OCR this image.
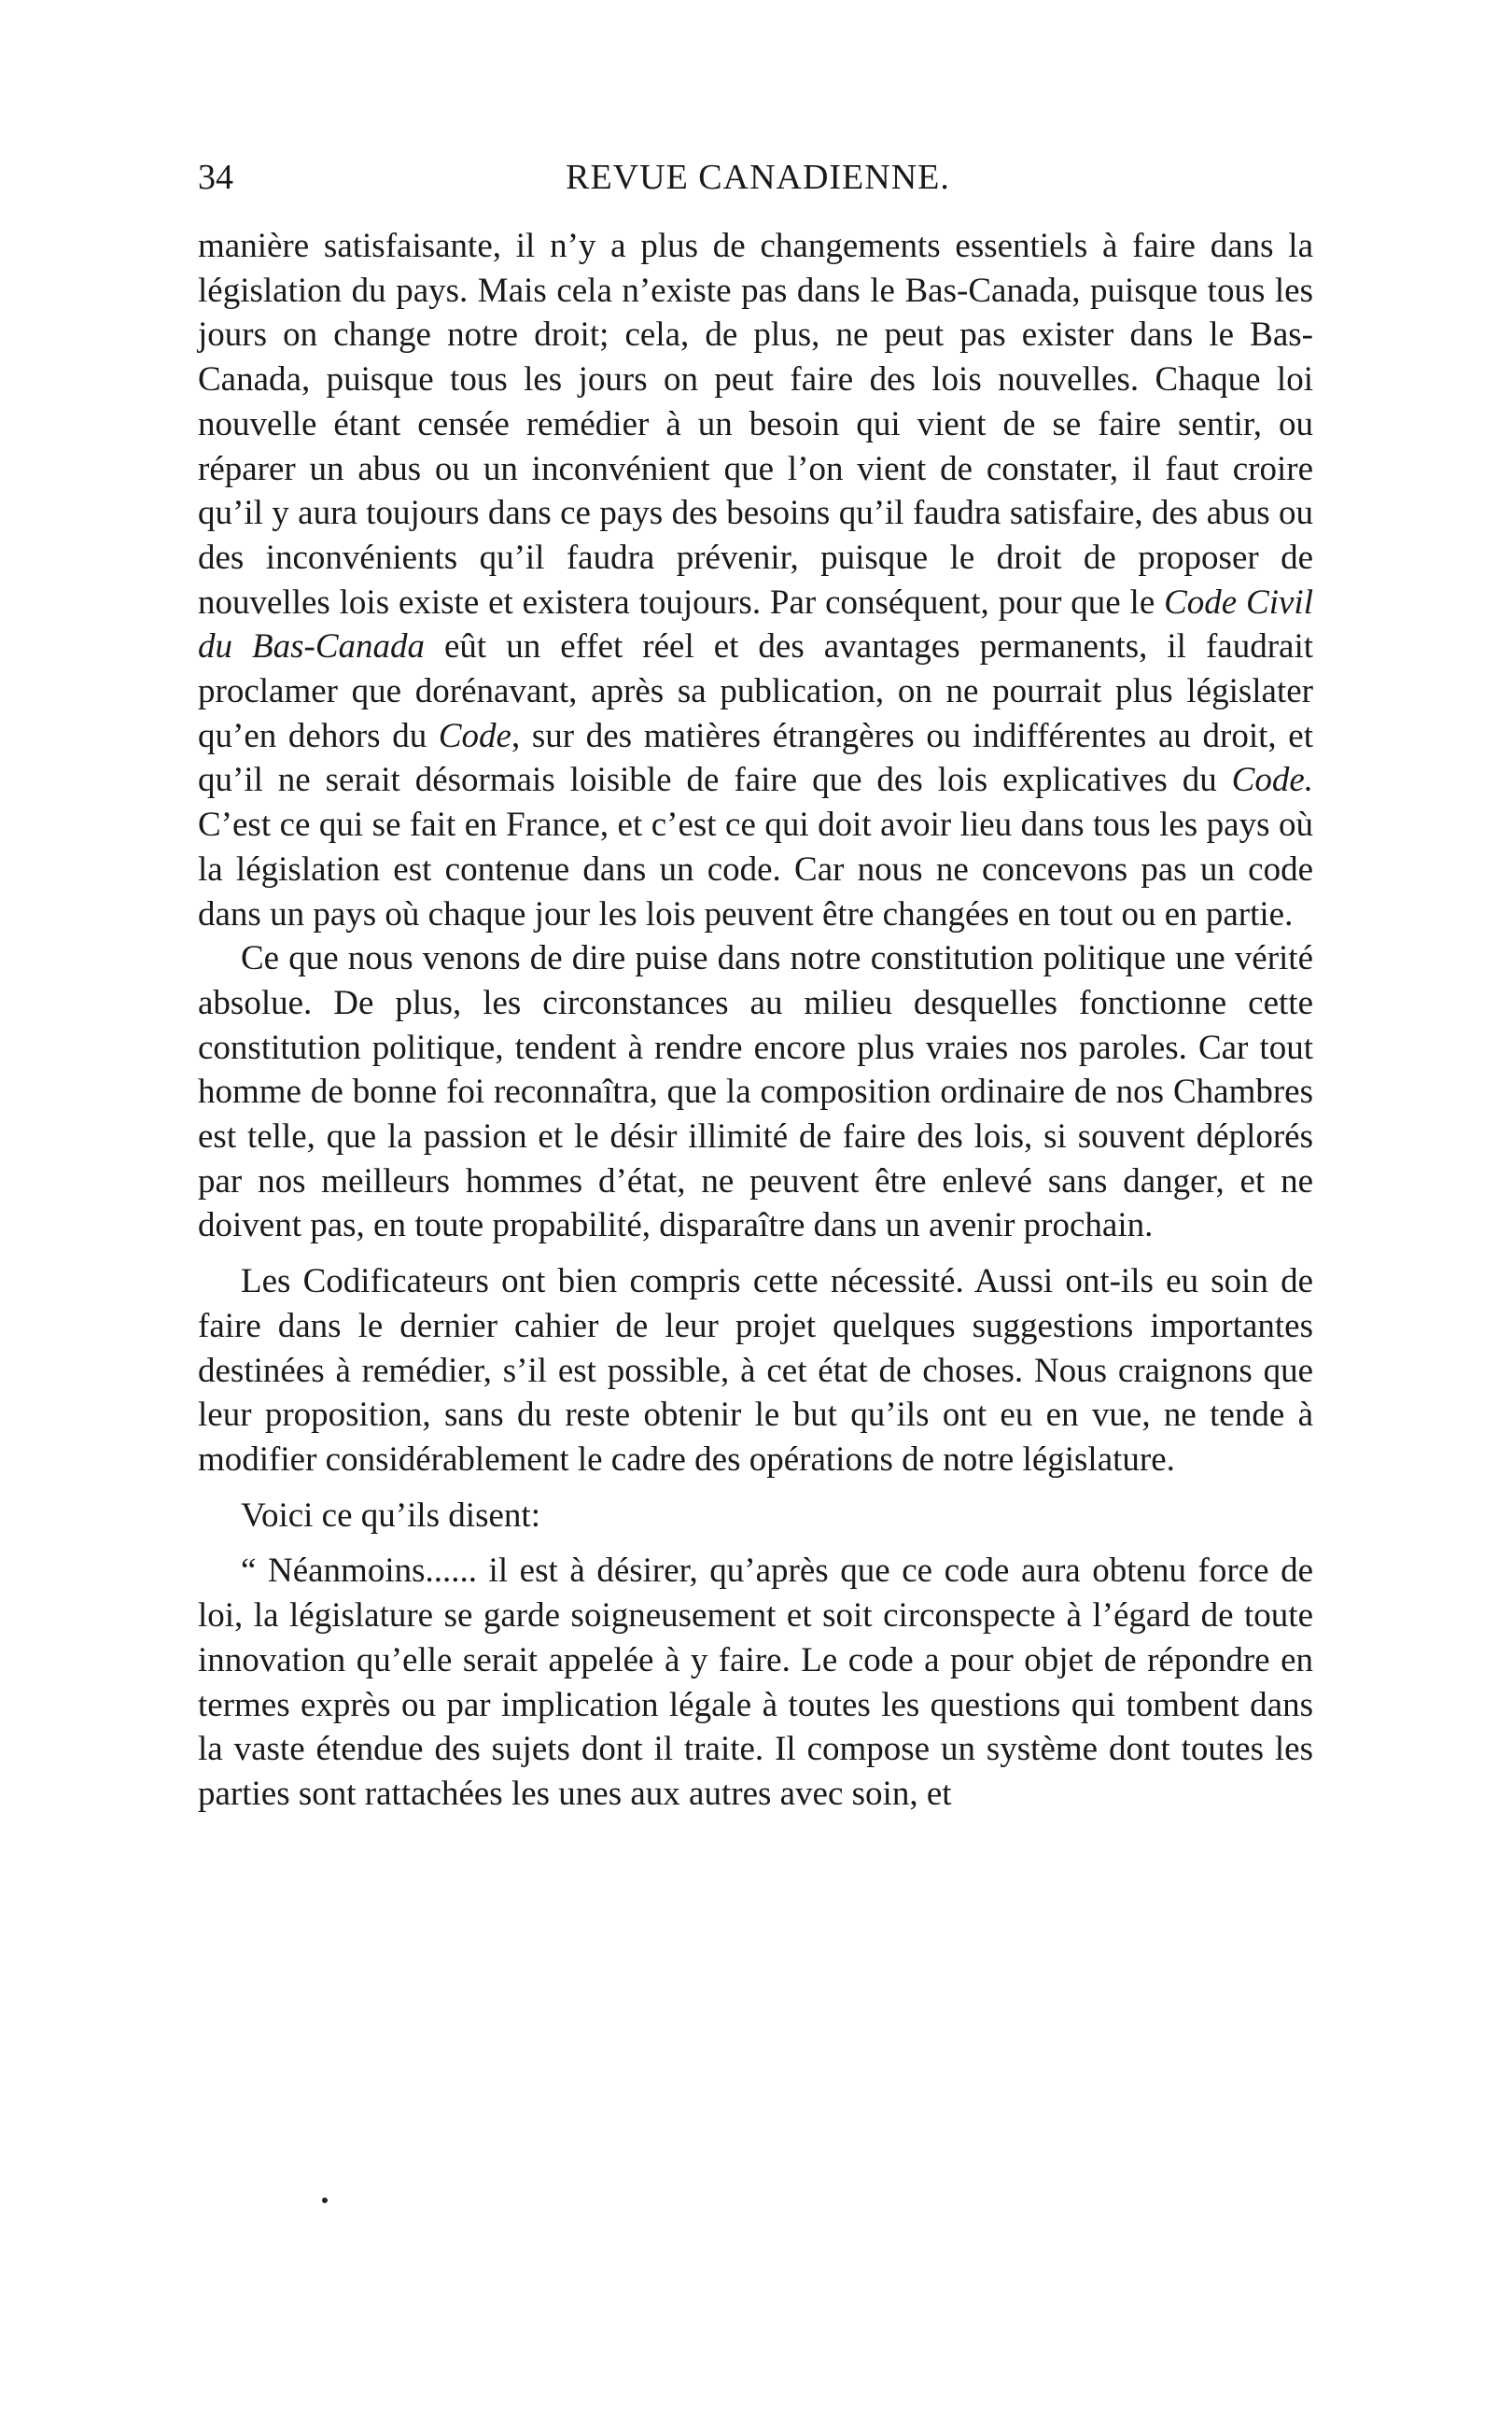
34	REVUE CANADIENNE.

manière satisfaisante, il n’y a plus de changements essentiels à faire dans la législation du pays. Mais cela n’existe pas dans le Bas-Canada, puisque tous les jours on change notre droit; cela, de plus, ne peut pas exister dans le Bas-Canada, puisque tous les jours on peut faire des lois nouvelles. Chaque loi nouvelle étant censée remédier à un besoin qui vient de se faire sentir, ou réparer un abus ou un inconvénient que l’on vient de constater, il faut croire qu’il y aura toujours dans ce pays des besoins qu’il faudra satisfaire, des abus ou des inconvénients qu’il faudra prévenir, puisque le droit de proposer de nouvelles lois existe et existera toujours. Par conséquent, pour que le Code Civil du Bas-Canada eût un effet réel et des avantages permanents, il faudrait proclamer que dorénavant, après sa publication, on ne pourrait plus législater qu’en dehors du Code, sur des matières étrangères ou indifférentes au droit, et qu’il ne serait désormais loisible de faire que des lois explicatives du Code. C’est ce qui se fait en France, et c’est ce qui doit avoir lieu dans tous les pays où la législation est contenue dans un code. Car nous ne concevons pas un code dans un pays où chaque jour les lois peuvent être changées en tout ou en partie.

Ce que nous venons de dire puise dans notre constitution politique une vérité absolue. De plus, les circonstances au milieu desquelles fonctionne cette constitution politique, tendent à rendre encore plus vraies nos paroles. Car tout homme de bonne foi reconnaîtra, que la composition ordinaire de nos Chambres est telle, que la passion et le désir illimité de faire des lois, si souvent déplorés par nos meilleurs hommes d’état, ne peuvent être enlevé sans danger, et ne doivent pas, en toute propabilité, disparaître dans un avenir prochain.

Les Codificateurs ont bien compris cette nécessité. Aussi ont-ils eu soin de faire dans le dernier cahier de leur projet quelques suggestions importantes destinées à remédier, s’il est possible, à cet état de choses. Nous craignons que leur proposition, sans du reste obtenir le but qu’ils ont eu en vue, ne tende à modifier considérablement le cadre des opérations de notre législature.

Voici ce qu’ils disent:

“ Néanmoins...... il est à désirer, qu’après que ce code aura obtenu force de loi, la législature se garde soigneusement et soit circonspecte à l’égard de toute innovation qu’elle serait appelée à y faire. Le code a pour objet de répondre en termes exprès ou par implication légale à toutes les questions qui tombent dans la vaste étendue des sujets dont il traite. Il compose un système dont toutes les parties sont rattachées les unes aux autres avec soin, et
